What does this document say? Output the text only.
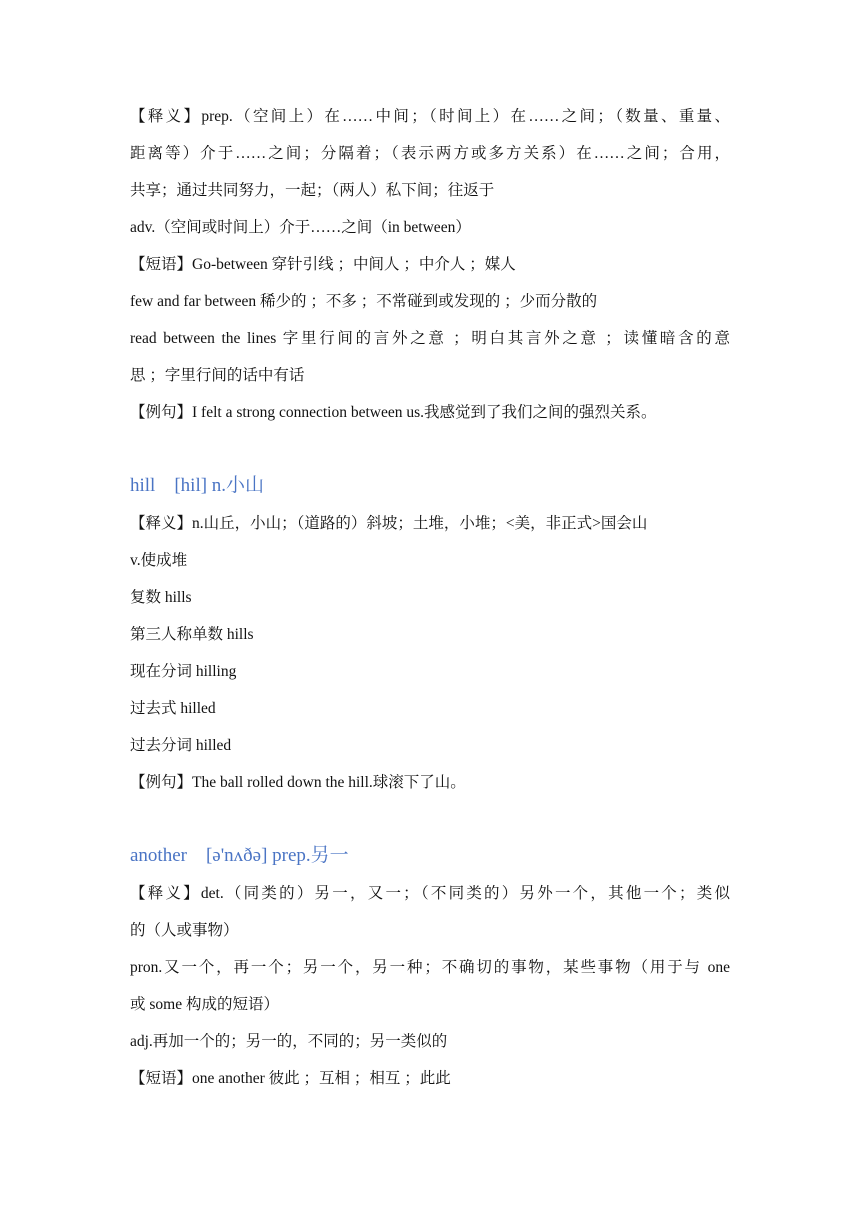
【释义】prep.（空间上）在……中间；（时间上）在……之间；（数量、重量、
距离等）介于……之间；分隔着；（表示两方或多方关系）在……之间；合用，
共享；通过共同努力，一起；（两人）私下间；往返于
adv.（空间或时间上）介于……之间（in between）
【短语】Go-between 穿针引线 ；中间人 ；中介人 ；媒人
few and far between 稀少的 ；不多 ；不常碰到或发现的 ；少而分散的
read between the lines 字里行间的言外之意 ；明白其言外之意 ；读懂暗含的意
思 ；字里行间的话中有话
【例句】I felt a strong connection between us.我感觉到了我们之间的强烈关系。
hill    [hil] n.小山
【释义】n.山丘，小山；（道路的）斜坡；土堆，小堆；<美，非正式>国会山
v.使成堆
复数 hills
第三人称单数 hills
现在分词 hilling
过去式 hilled
过去分词 hilled
【例句】The ball rolled down the hill.球滚下了山。
another    [ə'nʌðə] prep.另一
【释义】det.（同类的）另一，又一；（不同类的）另外一个，其他一个；类似
的（人或事物）
pron.又一个，再一个；另一个，另一种；不确切的事物，某些事物（用于与 one
或 some 构成的短语）
adj.再加一个的；另一的，不同的；另一类似的
【短语】one another 彼此 ；互相 ；相互 ；此此
